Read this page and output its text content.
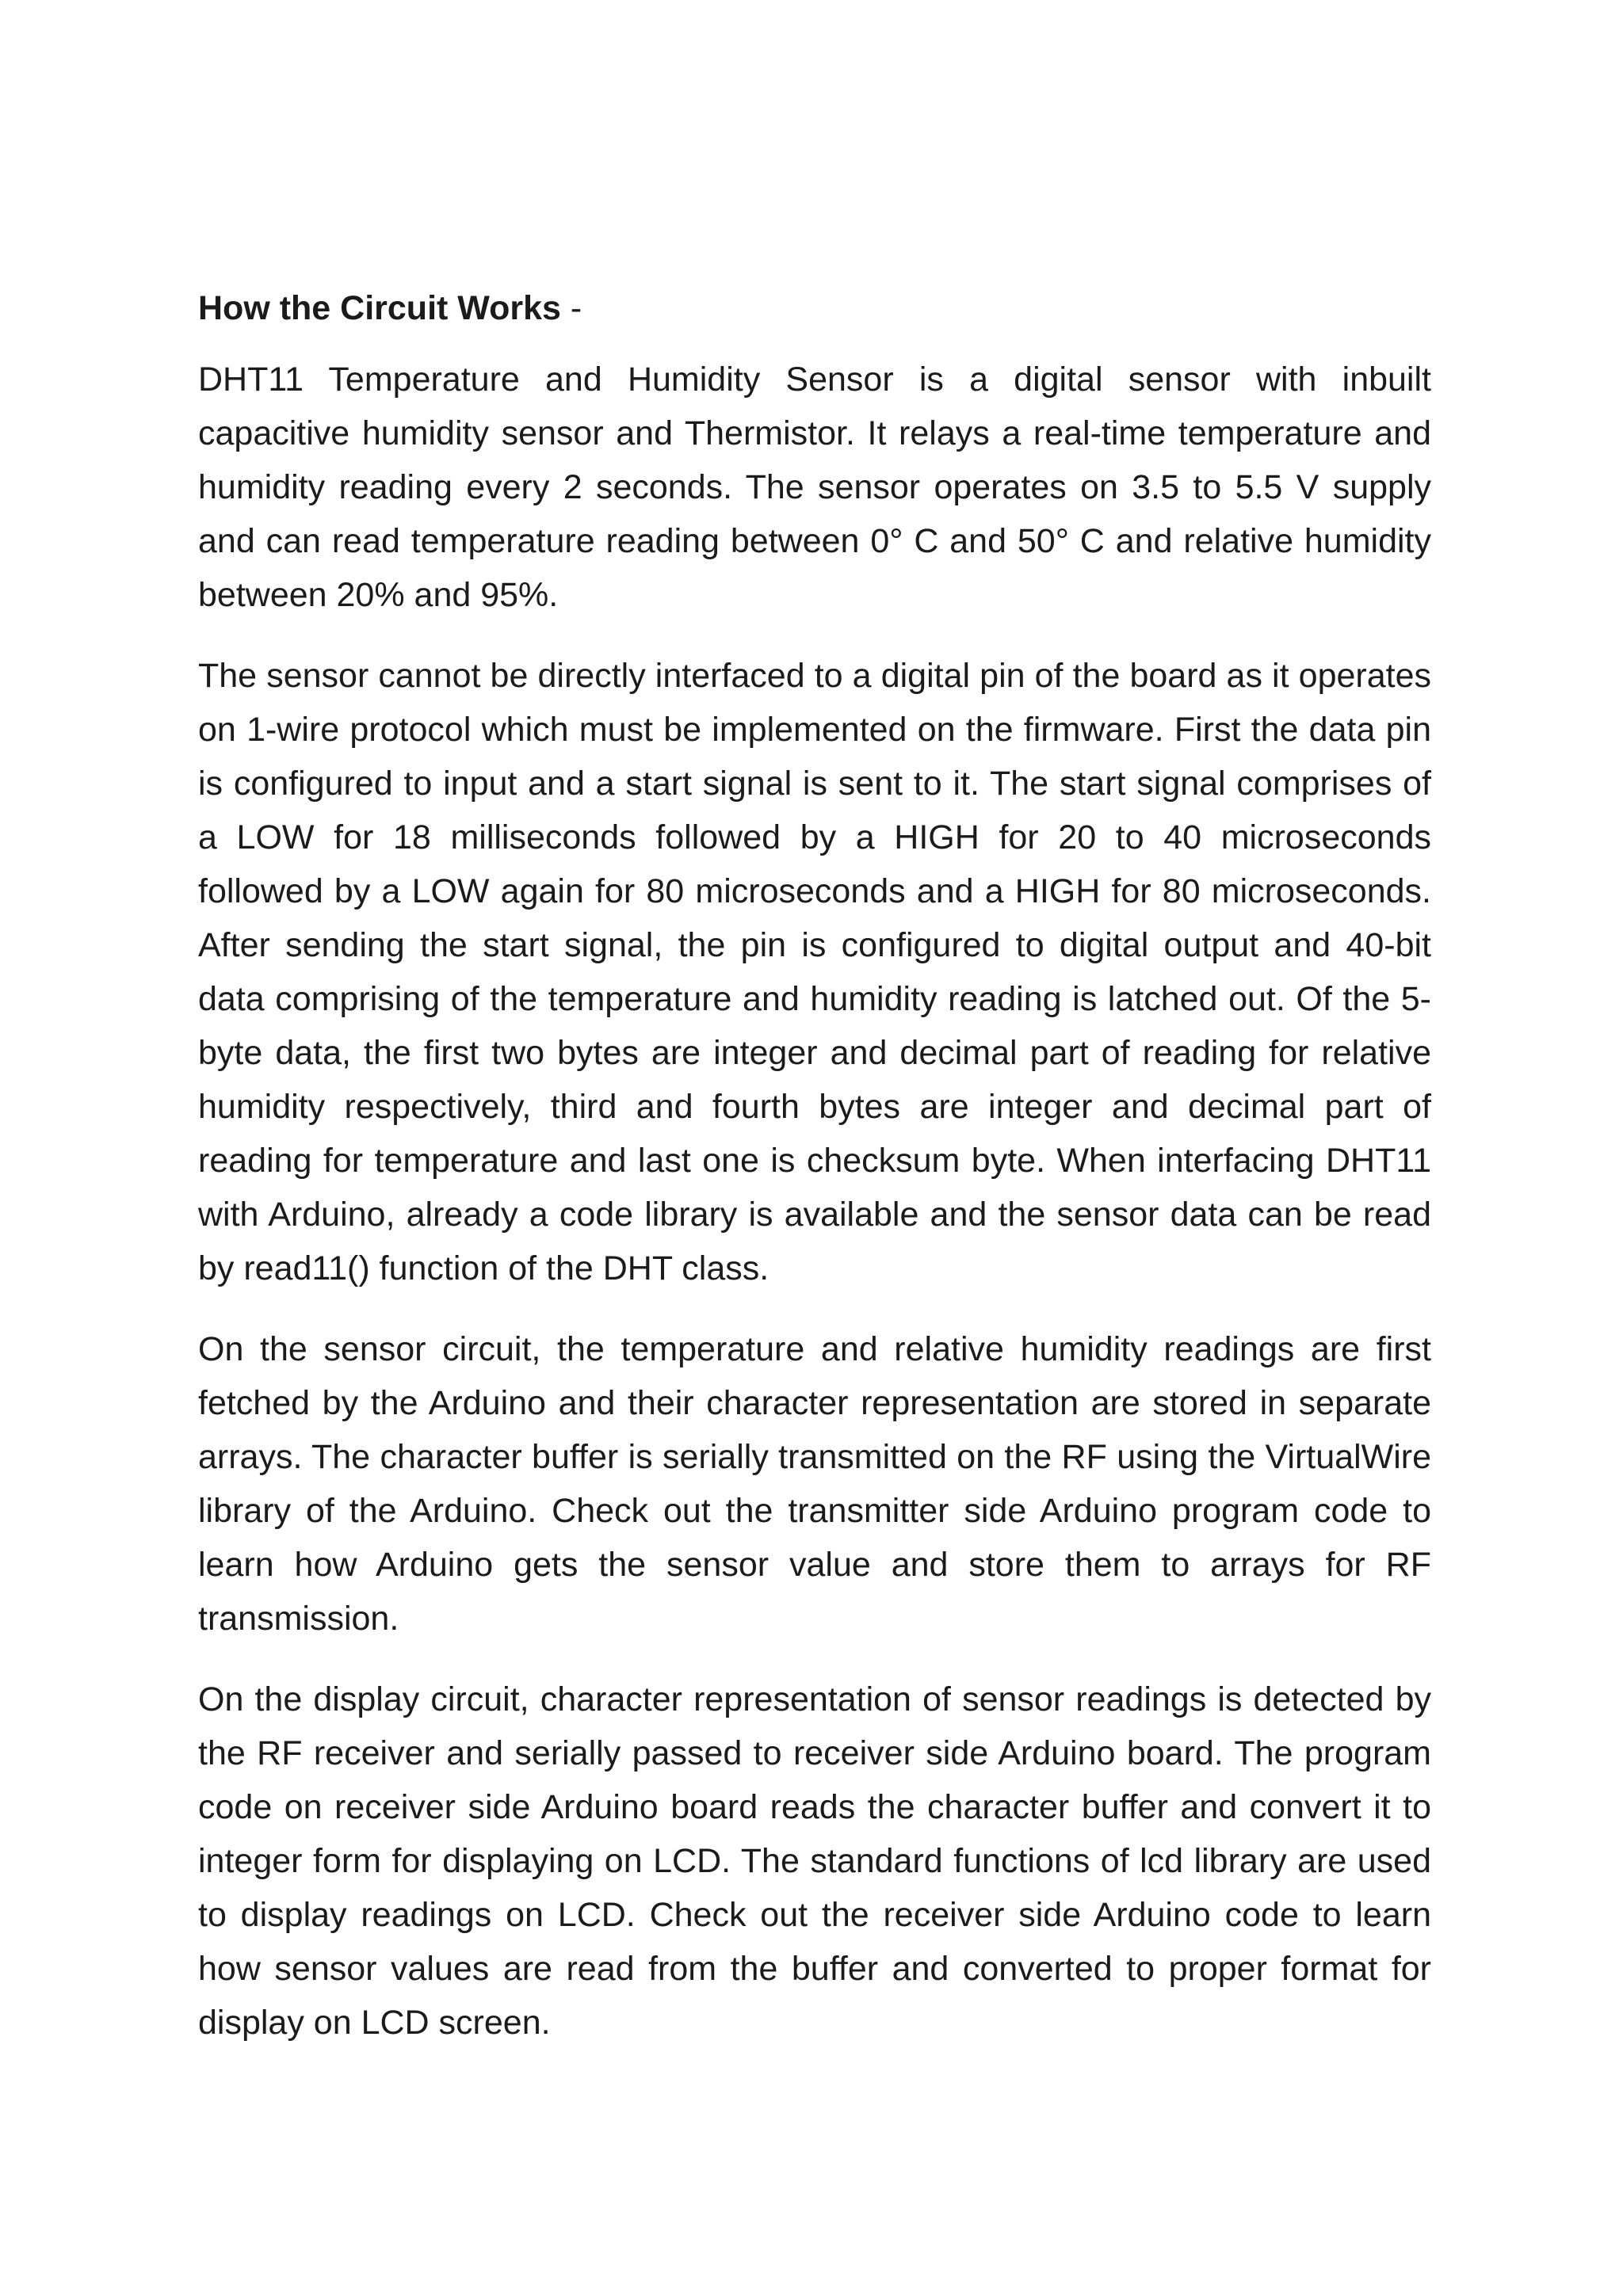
How the Circuit Works -

DHT11 Temperature and Humidity Sensor is a digital sensor with inbuilt capacitive humidity sensor and Thermistor. It relays a real-time temperature and humidity reading every 2 seconds. The sensor operates on 3.5 to 5.5 V supply and can read temperature reading between 0° C and 50° C and relative humidity between 20% and 95%.

The sensor cannot be directly interfaced to a digital pin of the board as it operates on 1-wire protocol which must be implemented on the firmware. First the data pin is configured to input and a start signal is sent to it. The start signal comprises of a LOW for 18 milliseconds followed by a HIGH for 20 to 40 microseconds followed by a LOW again for 80 microseconds and a HIGH for 80 microseconds. After sending the start signal, the pin is configured to digital output and 40-bit data comprising of the temperature and humidity reading is latched out. Of the 5-byte data, the first two bytes are integer and decimal part of reading for relative humidity respectively, third and fourth bytes are integer and decimal part of reading for temperature and last one is checksum byte. When interfacing DHT11 with Arduino, already a code library is available and the sensor data can be read by read11() function of the DHT class.

On the sensor circuit, the temperature and relative humidity readings are first fetched by the Arduino and their character representation are stored in separate arrays. The character buffer is serially transmitted on the RF using the VirtualWire library of the Arduino. Check out the transmitter side Arduino program code to learn how Arduino gets the sensor value and store them to arrays for RF transmission.

On the display circuit, character representation of sensor readings is detected by the RF receiver and serially passed to receiver side Arduino board. The program code on receiver side Arduino board reads the character buffer and convert it to integer form for displaying on LCD. The standard functions of lcd library are used to display readings on LCD. Check out the receiver side Arduino code to learn how sensor values are read from the buffer and converted to proper format for display on LCD screen.
